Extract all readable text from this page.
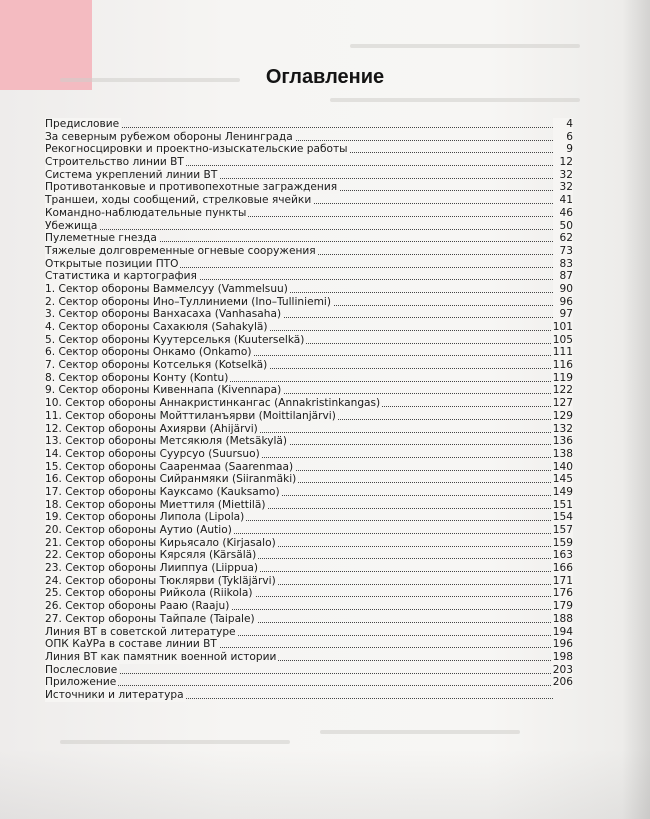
Оглавление
Предисловие	4
За северным рубежом обороны Ленинграда	6
Рекогносцировки и проектно-изыскательские работы	9
Строительство линии ВТ	12
Система укреплений линии ВТ	32
Противотанковые и противопехотные заграждения	32
Траншеи, ходы сообщений, стрелковые ячейки	41
Командно-наблюдательные пункты	46
Убежища	50
Пулеметные гнезда	62
Тяжелые долговременные огневые сооружения	73
Открытые позиции ПТО	83
Статистика и картография	87
1. Сектор обороны Ваммелсуу (Vammelsuu)	90
2. Сектор обороны Ино–Туллиниеми (Ino–Tulliniemi)	96
3. Сектор обороны Ванхасаха (Vanhasaha)	97
4. Сектор обороны Сахакюля (Sahakylä)	101
5. Сектор обороны Куутерселькя (Kuuterselkä)	105
6. Сектор обороны Онкамо (Onkamo)	111
7. Сектор обороны Котселькя (Kotselkä)	116
8. Сектор обороны Конту (Kontu)	119
9. Сектор обороны Кивеннапа (Kivennapa)	122
10. Сектор обороны Аннакристинкангас (Annakristinkangas)	127
11. Сектор обороны Мойттиланъярви (Moittilanjärvi)	129
12. Сектор обороны Ахиярви (Ahijärvi)	132
13. Сектор обороны Метсякюля (Metsäkylä)	136
14. Сектор обороны Суурсуо (Suursuo)	138
15. Сектор обороны Сааренмаа (Saarenmaa)	140
16. Сектор обороны Сийранмяки (Siiranmäki)	145
17. Сектор обороны Кауксамо (Kauksamo)	149
18. Сектор обороны Миеттиля (Miettilä)	151
19. Сектор обороны Липола (Lipola)	154
20. Сектор обороны Аутио (Autio)	157
21. Сектор обороны Кирьясало (Kirjasalo)	159
22. Сектор обороны Кярсяля (Kärsälä)	163
23. Сектор обороны Лииппуа (Liippua)	166
24. Сектор обороны Тюклярви (Tykläjärvi)	171
25. Сектор обороны Рийкола (Riikola)	176
26. Сектор обороны Рааю (Raaju)	179
27. Сектор обороны Тайпале (Taipale)	188
Линия ВТ в советской литературе	194
ОПК КаУРа в составе линии ВТ	196
Линия ВТ как памятник военной истории	198
Послесловие	203
Приложение	206
Источники и литература
